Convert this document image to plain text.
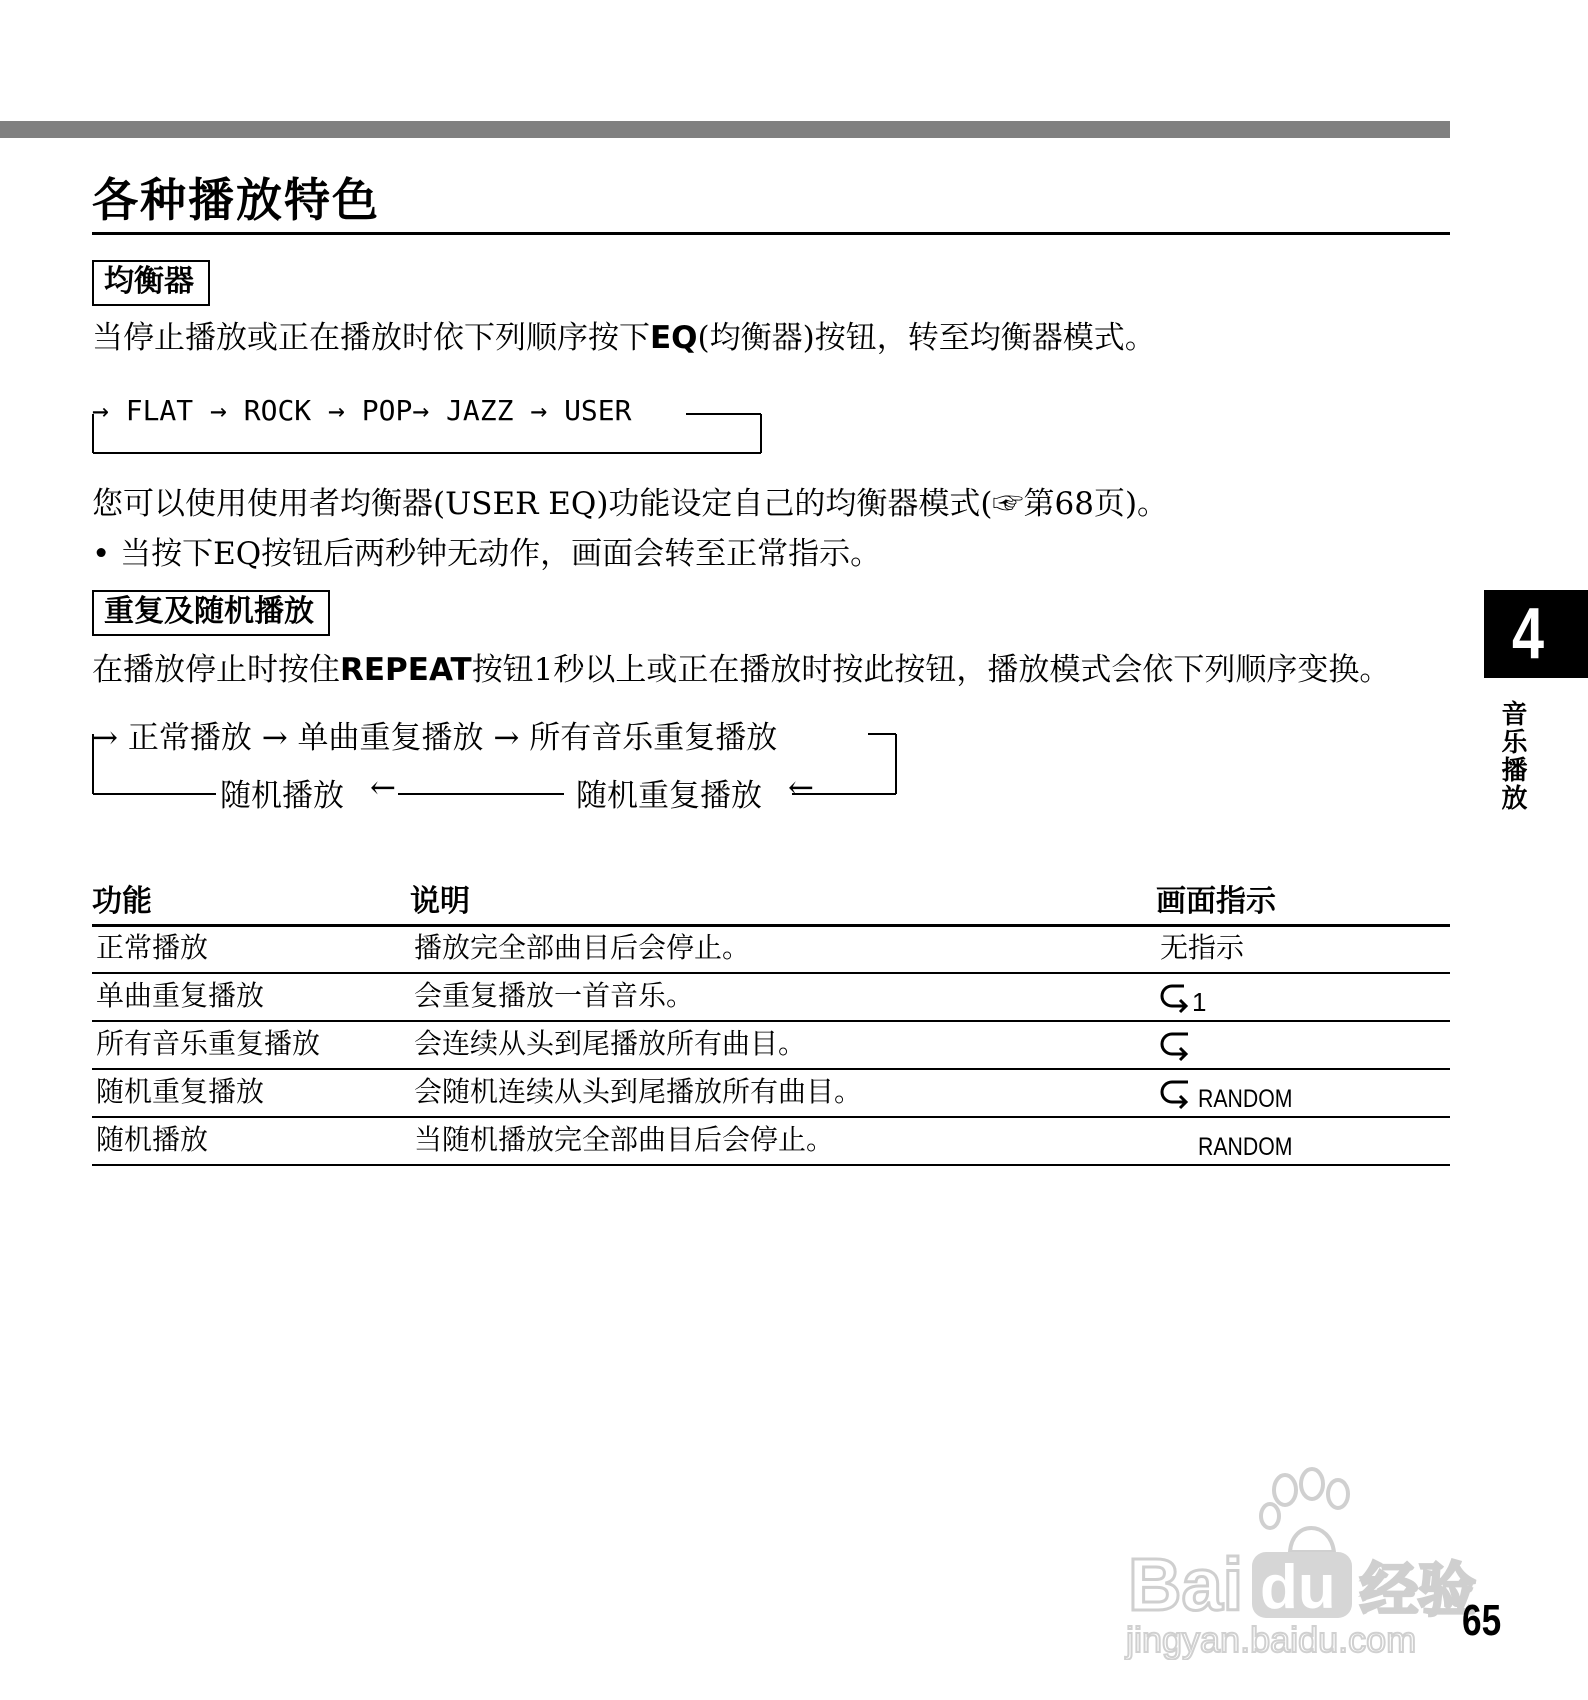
各种播放特色
均衡器
当停止播放或正在播放时依下列顺序按下EQ(均衡器)按钮，转至均衡器模式。
→ FLAT → ROCK → POP→ JAZZ → USER
您可以使用使用者均衡器(USER EQ)功能设定自己的均衡器模式(☞第68页)。
• 当按下EQ按钮后两秒钟无动作，画面会转至正常指示。
重复及随机播放
在播放停止时按住REPEAT按钮1秒以上或正在播放时按此按钮，播放模式会依下列顺序变换。
→ 正常播放 → 单曲重复播放 → 所有音乐重复播放
随机播放 ←	随机重复播放 ←
功能	说明	画面指示
正常播放	播放完全部曲目后会停止。	无指示
单曲重复播放	会重复播放一首音乐。	1
所有音乐重复播放	会连续从头到尾播放所有曲目。
随机重复播放	会随机连续从头到尾播放所有曲目。	RANDOM
随机播放	当随机播放完全部曲目后会停止。	RANDOM
4
音乐播放
Bai du 经验
jingyan.baidu.com 65
